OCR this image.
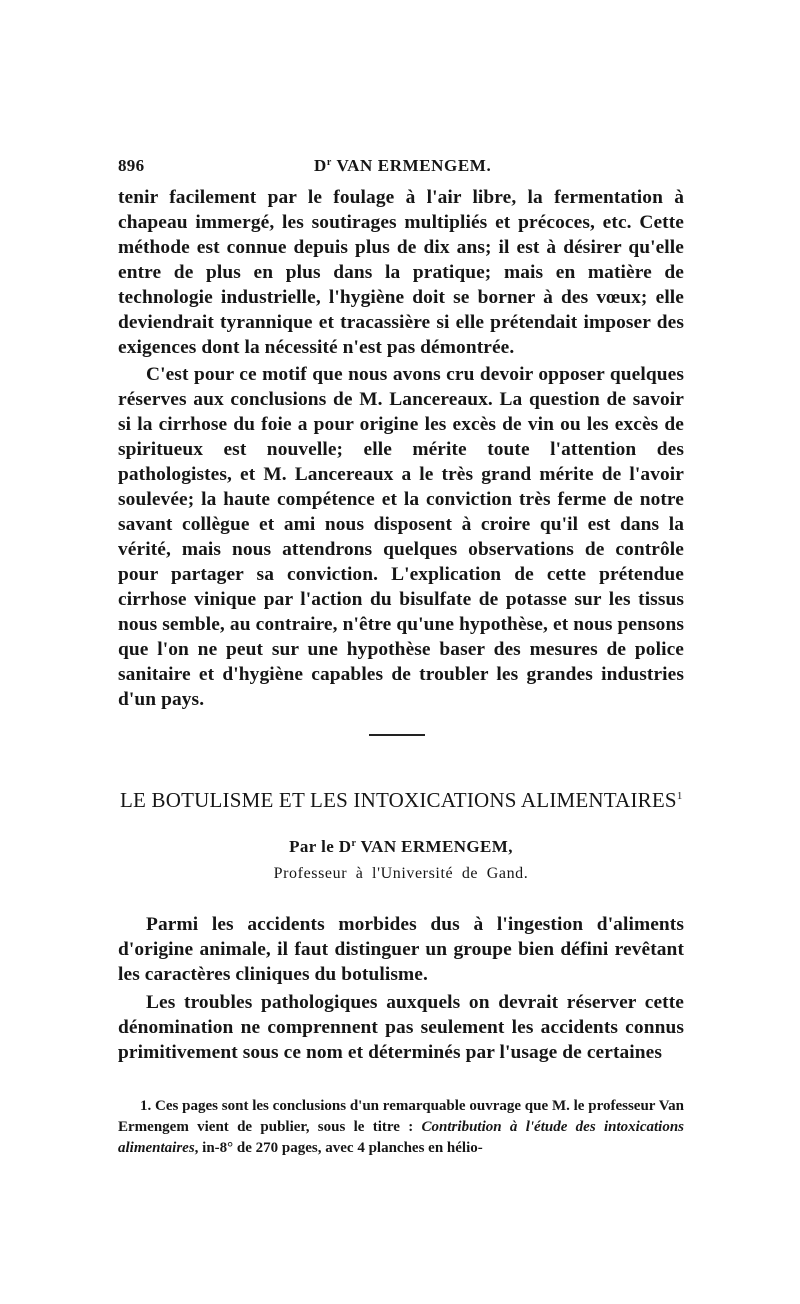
896	$D^r$ VAN ERMENGEM.

tenir facilement par le foulage à l'air libre, la fermentation à chapeau immergé, les soutirages multipliés et précoces, etc. Cette méthode est connue depuis plus de dix ans; il est à désirer qu'elle entre de plus en plus dans la pratique; mais en matière de technologie industrielle, l'hygiène doit se borner à des vœux; elle deviendrait tyrannique et tracassière si elle prétendait imposer des exigences dont la nécessité n'est pas démontrée.

C'est pour ce motif que nous avons cru devoir opposer quelques réserves aux conclusions de M. Lancereaux. La question de savoir si la cirrhose du foie a pour origine les excès de vin ou les excès de spiritueux est nouvelle; elle mérite toute l'attention des pathologistes, et M. Lancereaux a le très grand mérite de l'avoir soulevée; la haute compétence et la conviction très ferme de notre savant collègue et ami nous disposent à croire qu'il est dans la vérité, mais nous attendrons quelques observations de contrôle pour partager sa conviction. L'explication de cette prétendue cirrhose vinique par l'action du bisulfate de potasse sur les tissus nous semble, au contraire, n'être qu'une hypothèse, et nous pensons que l'on ne peut sur une hypothèse baser des mesures de police sanitaire et d'hygiène capables de troubler les grandes industries d'un pays.

LE BOTULISME ET LES INTOXICATIONS ALIMENTAIRES$^1$
Par le $D^r$ VAN ERMENGEM,
Professeur à l'Université de Gand.

Parmi les accidents morbides dus à l'ingestion d'aliments d'origine animale, il faut distinguer un groupe bien défini revêtant les caractères cliniques du botulisme.

Les troubles pathologiques auxquels on devrait réserver cette dénomination ne comprennent pas seulement les accidents connus primitivement sous ce nom et déterminés par l'usage de certaines

1. Ces pages sont les conclusions d'un remarquable ouvrage que M. le professeur Van Ermengem vient de publier, sous le titre : Contribution à l'étude des intoxications alimentaires, in-8° de 270 pages, avec 4 planches en hélio-
